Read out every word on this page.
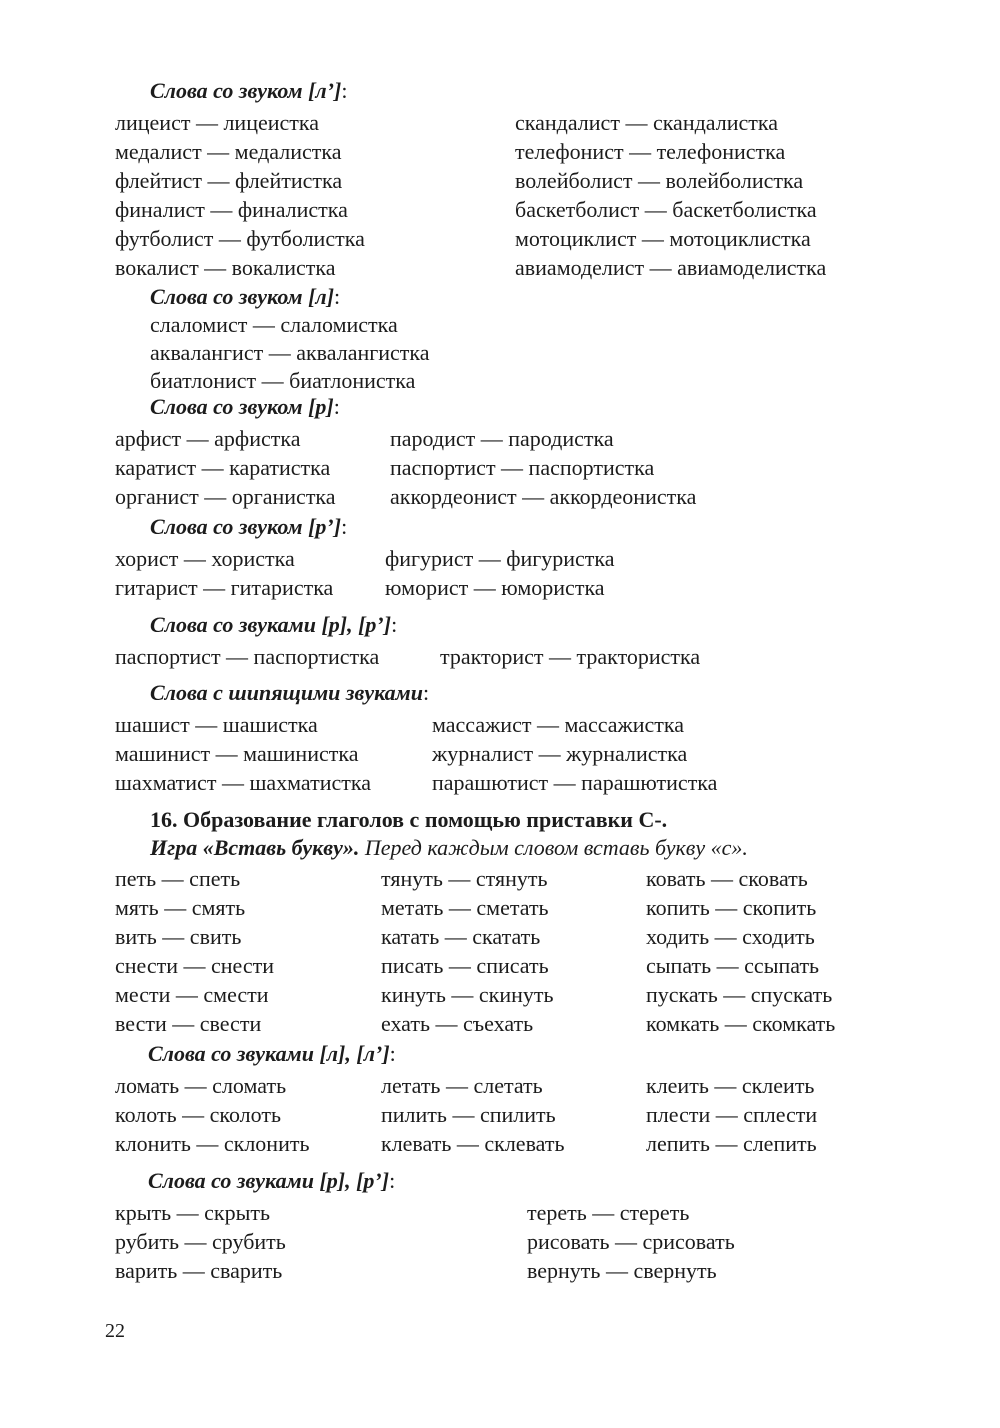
Слова со звуком [л’]:
лицеист — лицеистка
медалист — медалистка
флейтист — флейтистка
финалист — финалистка
футболист — футболистка
вокалист — вокалистка
скандалист — скандалистка
телефонист — телефонистка
волейболист — волейболистка
баскетболист — баскетболистка
мотоциклист — мотоциклистка
авиамоделист — авиамоделистка
Слова со звуком [л]:
слаломист — слаломистка
аквалангист — аквалангистка
биатлонист — биатлонистка
Слова со звуком [р]:
арфист — арфистка
каратист — каратистка
органист — органистка
пародист — пародистка
паспортист — паспортистка
аккордеонист — аккордеонистка
Слова со звуком [р’]:
хорист — хористка
гитарист — гитаристка
фигурист — фигуристка
юморист — юмористка
Слова со звуками [р], [р’]:
паспортист — паспортистка	тракторист — трактористка
Слова с шипящими звуками:
шашист — шашистка
машинист — машинистка
шахматист — шахматистка
массажист — массажистка
журналист — журналистка
парашютист — парашютистка
16. Образование глаголов с помощью приставки С-.
Игра «Вставь букву». Перед каждым словом вставь букву «с».
петь — спеть
мять — смять
вить — свить
снести — снести
мести — смести
вести — свести
тянуть — стянуть
метать — сметать
катать — скатать
писать — списать
кинуть — скинуть
ехать — съехать
ковать — сковать
копить — скопить
ходить — сходить
сыпать — ссыпать
пускать — спускать
комкать — скомкать
Слова со звуками [л], [л’]:
ломать — сломать
колоть — сколоть
клонить — склонить
летать — слетать
пилить — спилить
клевать — склевать
клеить — склеить
плести — сплести
лепить — слепить
Слова со звуками [р], [р’]:
крыть — скрыть
рубить — срубить
варить — сварить
тереть — стереть
рисовать — срисовать
вернуть — свернуть
22
